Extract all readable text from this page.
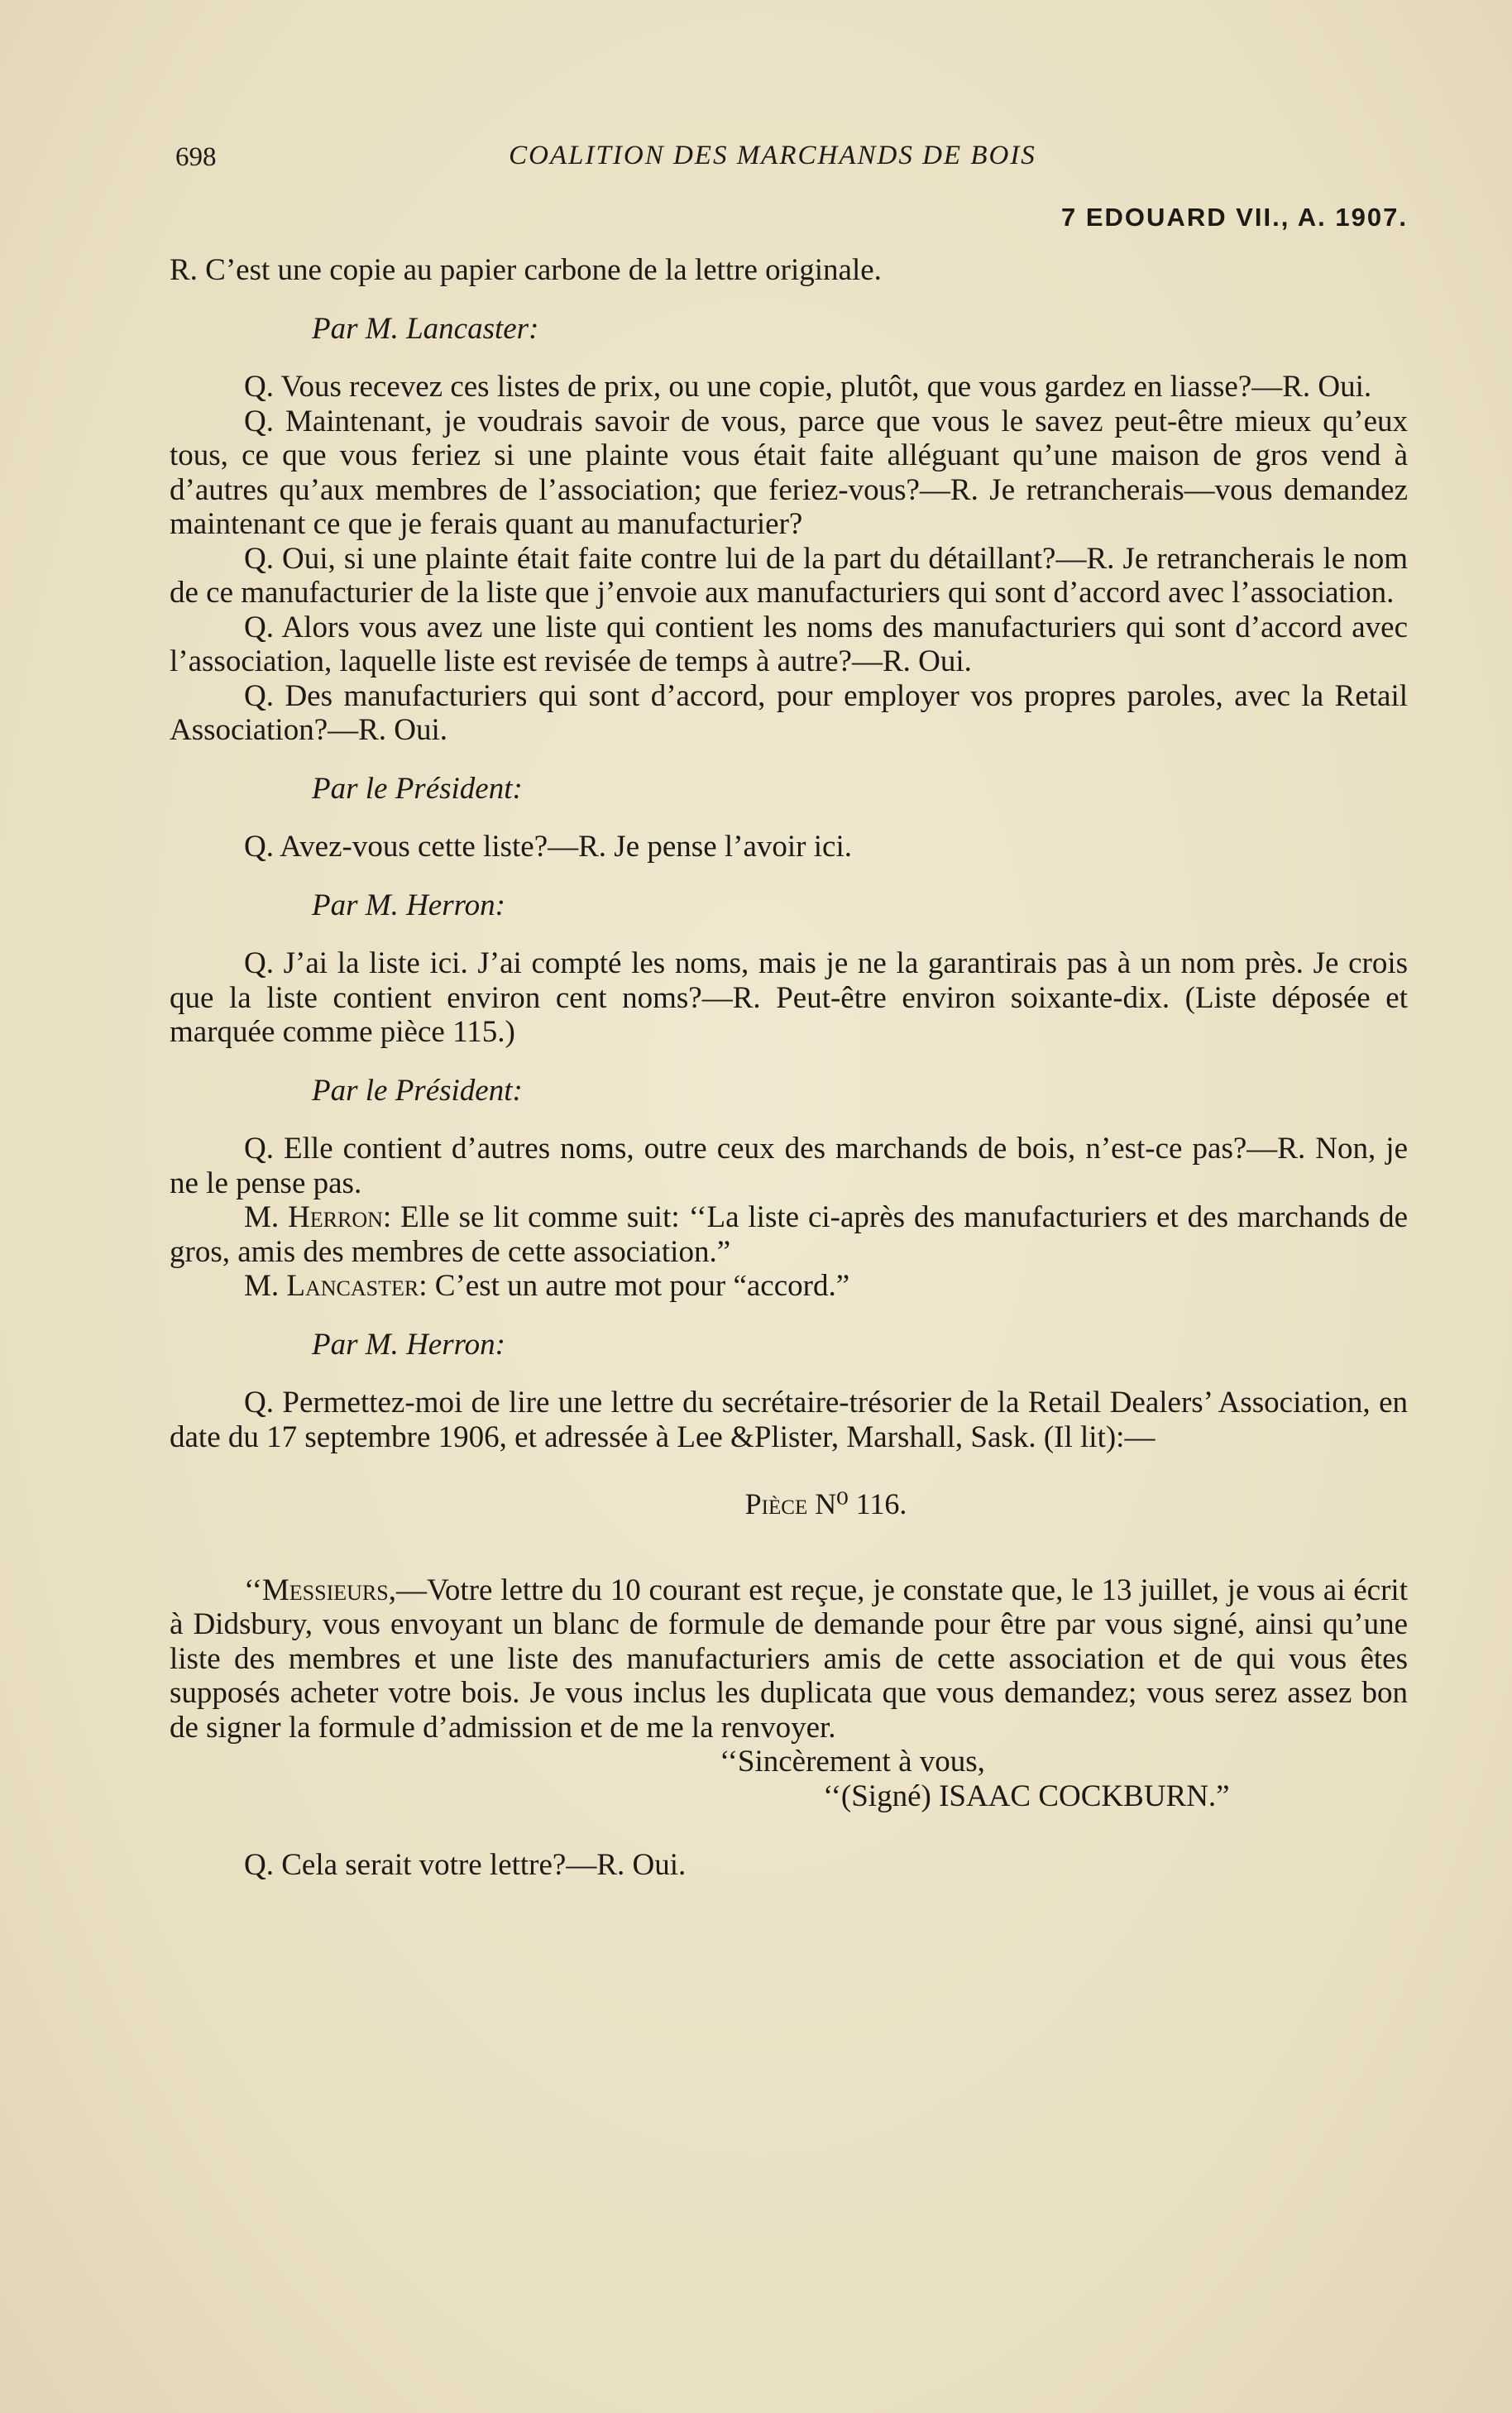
698	COALITION DES MARCHANDS DE BOIS
7 EDOUARD VII., A. 1907.

R. C’est une copie au papier carbone de la lettre originale.

Par M. Lancaster:

Q. Vous recevez ces listes de prix, ou une copie, plutôt, que vous gardez en liasse?—R. Oui.

Q. Maintenant, je voudrais savoir de vous, parce que vous le savez peut-être mieux qu’eux tous, ce que vous feriez si une plainte vous était faite alléguant qu’une maison de gros vend à d’autres qu’aux membres de l’association; que feriez-vous?—R. Je retrancherais—vous demandez maintenant ce que je ferais quant au manufacturier?

Q. Oui, si une plainte était faite contre lui de la part du détaillant?—R. Je retrancherais le nom de ce manufacturier de la liste que j’envoie aux manufacturiers qui sont d’accord avec l’association.

Q. Alors vous avez une liste qui contient les noms des manufacturiers qui sont d’accord avec l’association, laquelle liste est revisée de temps à autre?—R. Oui.

Q. Des manufacturiers qui sont d’accord, pour employer vos propres paroles, avec la Retail Association?—R. Oui.

Par le Président:

Q. Avez-vous cette liste?—R. Je pense l’avoir ici.

Par M. Herron:

Q. J’ai la liste ici. J’ai compté les noms, mais je ne la garantirais pas à un nom près. Je crois que la liste contient environ cent noms?—R. Peut-être environ soixante-dix. (Liste déposée et marquée comme pièce 115.)

Par le Président:

Q. Elle contient d’autres noms, outre ceux des marchands de bois, n’est-ce pas?—R. Non, je ne le pense pas.

M. Herron: Elle se lit comme suit: ‘‘La liste ci-après des manufacturiers et des marchands de gros, amis des membres de cette association.”

M. Lancaster: C’est un autre mot pour “accord.”

Par M. Herron:

Q. Permettez-moi de lire une lettre du secrétaire-trésorier de la Retail Dealers’ Association, en date du 17 septembre 1906, et adressée à Lee &Plister, Marshall, Sask. (Il lit):—

Pièce N⁰ 116.

‘‘Messieurs,—Votre lettre du 10 courant est reçue, je constate que, le 13 juillet, je vous ai écrit à Didsbury, vous envoyant un blanc de formule de demande pour être par vous signé, ainsi qu’une liste des membres et une liste des manufacturiers amis de cette association et de qui vous êtes supposés acheter votre bois. Je vous inclus les duplicata que vous demandez; vous serez assez bon de signer la formule d’admission et de me la renvoyer.

‘‘Sincèrement à vous,

‘‘(Signé) ISAAC COCKBURN.”

Q. Cela serait votre lettre?—R. Oui.
